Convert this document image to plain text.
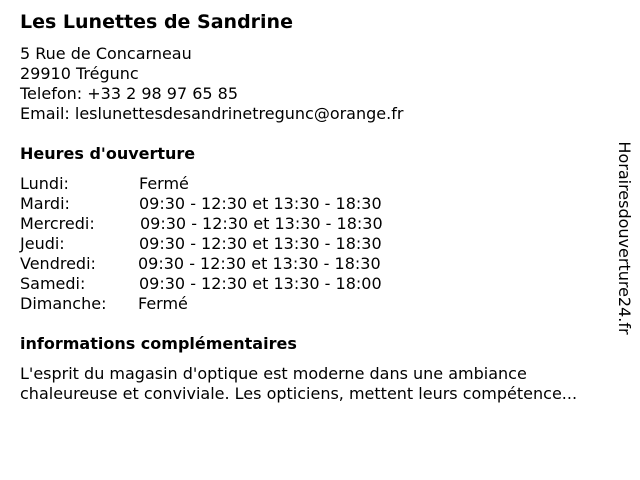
Les Lunettes de Sandrine
5 Rue de Concarneau
29910 Trégunc
Telefon: +33 2 98 97 65 85
Email: leslunettesdesandrinetregunc@orange.fr
Heures d'ouverture
Lundi:	Fermé
Mardi:	09:30 - 12:30 et 13:30 - 18:30
Mercredi:	09:30 - 12:30 et 13:30 - 18:30
Jeudi:	09:30 - 12:30 et 13:30 - 18:30
Vendredi:	09:30 - 12:30 et 13:30 - 18:30
Samedi:	09:30 - 12:30 et 13:30 - 18:00
Dimanche: Fermé
informations complémentaires
L'esprit du magasin d'optique est moderne dans une ambiance
chaleureuse et conviviale. Les opticiens, mettent leurs compétence...
Horairesdouverture24.fr
